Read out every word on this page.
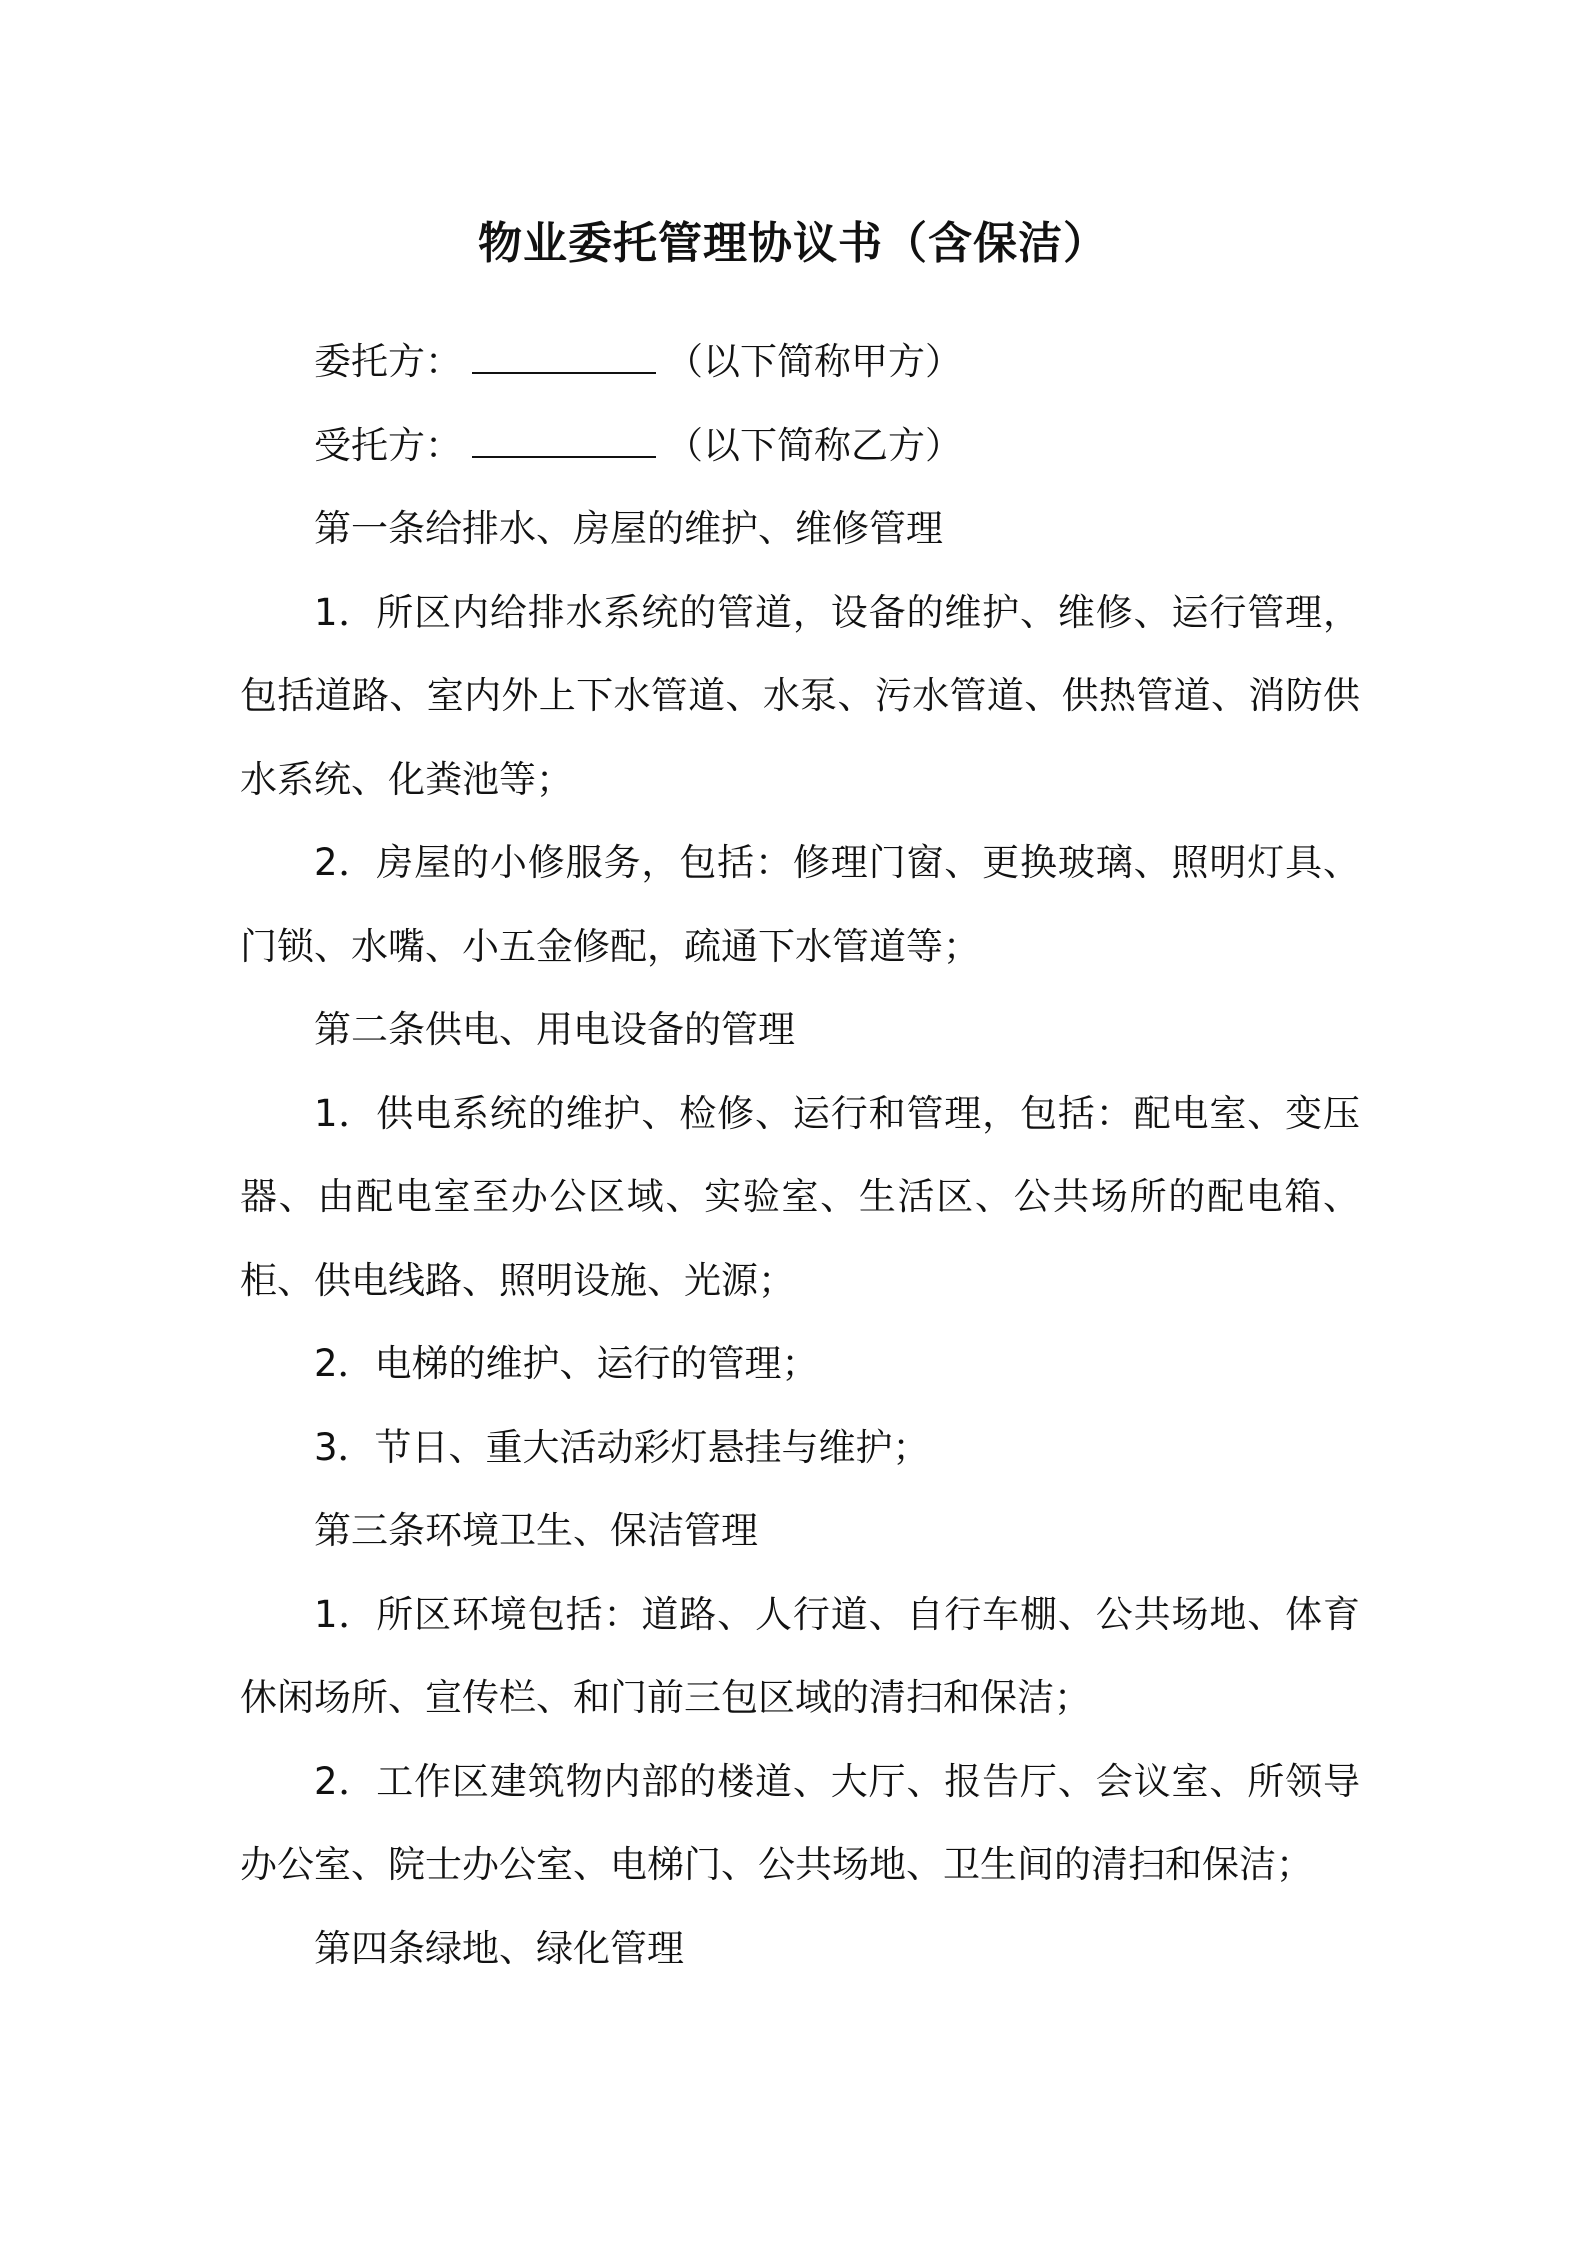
物业委托管理协议书（含保洁）

委托方：	（以下简称甲方）

受托方：	（以下简称乙方）

第一条给排水、房屋的维护、维修管理

1．所区内给排水系统的管道，设备的维护、维修、运行管理，包括道路、室内外上下水管道、水泵、污水管道、供热管道、消防供水系统、化粪池等；

2．房屋的小修服务，包括：修理门窗、更换玻璃、照明灯具、门锁、水嘴、小五金修配，疏通下水管道等；

第二条供电、用电设备的管理

1．供电系统的维护、检修、运行和管理，包括：配电室、变压器、由配电室至办公区域、实验室、生活区、公共场所的配电箱、柜、供电线路、照明设施、光源；

2．电梯的维护、运行的管理；

3．节日、重大活动彩灯悬挂与维护；

第三条环境卫生、保洁管理

1．所区环境包括：道路、人行道、自行车棚、公共场地、体育休闲场所、宣传栏、和门前三包区域的清扫和保洁；

2．工作区建筑物内部的楼道、大厅、报告厅、会议室、所领导办公室、院士办公室、电梯门、公共场地、卫生间的清扫和保洁；

第四条绿地、绿化管理
